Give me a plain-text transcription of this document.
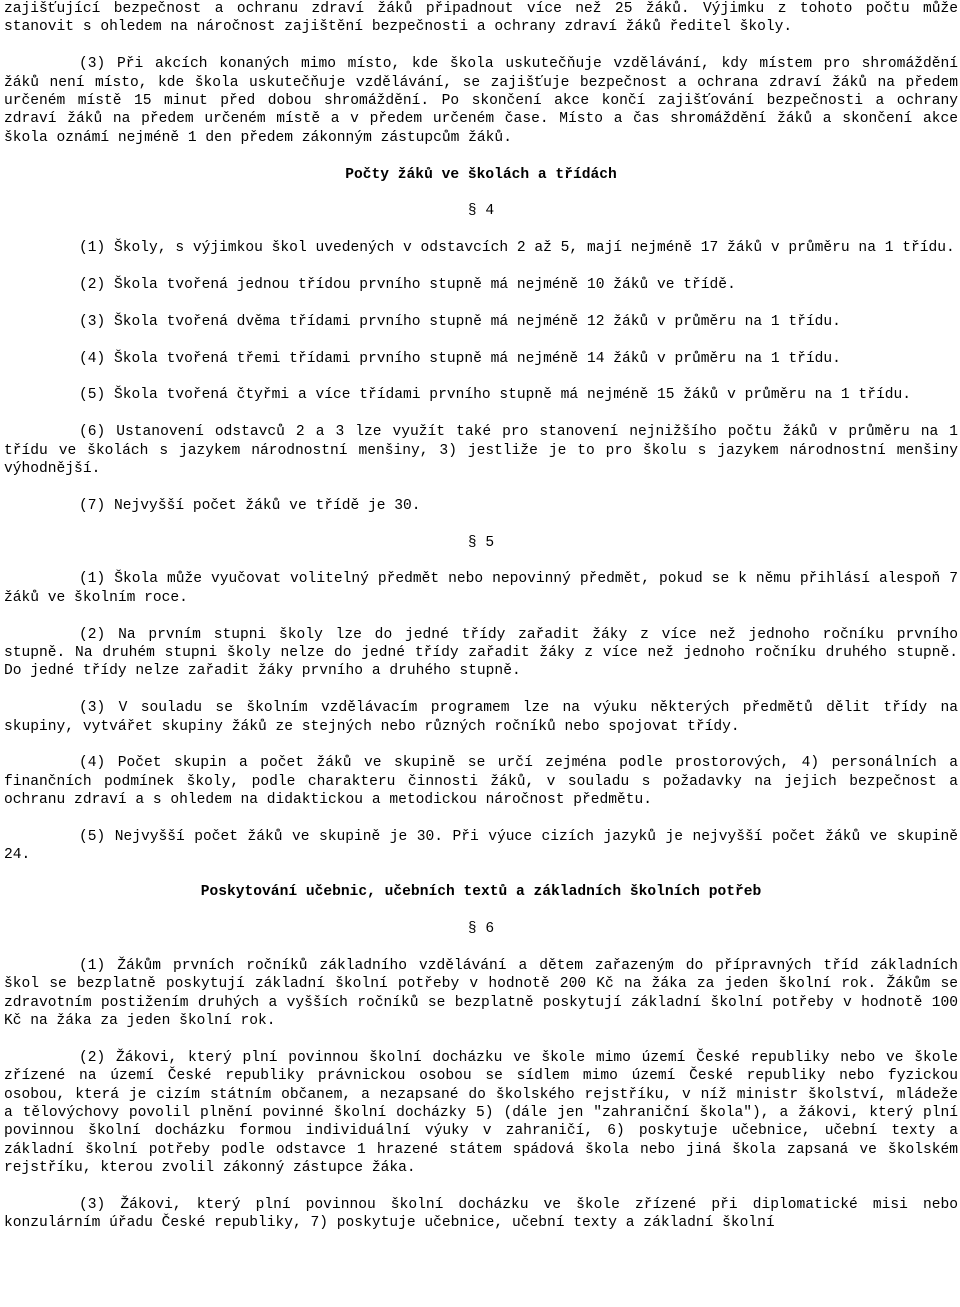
zajišťující bezpečnost a ochranu zdraví žáků připadnout více než 25 žáků. Výjimku z tohoto počtu může stanovit s ohledem na náročnost zajištění bezpečnosti a ochrany zdraví žáků ředitel školy.

(3) Při akcích konaných mimo místo, kde škola uskutečňuje vzdělávání, kdy místem pro shromáždění žáků není místo, kde škola uskutečňuje vzdělávání, se zajišťuje bezpečnost a ochrana zdraví žáků na předem určeném místě 15 minut před dobou shromáždění. Po skončení akce končí zajišťování bezpečnosti a ochrany zdraví žáků na předem určeném místě a v předem určeném čase. Místo a čas shromáždění žáků a skončení akce škola oznámí nejméně 1 den předem zákonným zástupcům žáků.

Počty žáků ve školách a třídách

§ 4

(1) Školy, s výjimkou škol uvedených v odstavcích 2 až 5, mají nejméně 17 žáků v průměru na 1 třídu.

(2) Škola tvořená jednou třídou prvního stupně má nejméně 10 žáků ve třídě.

(3) Škola tvořená dvěma třídami prvního stupně má nejméně 12 žáků v průměru na 1 třídu.

(4) Škola tvořená třemi třídami prvního stupně má nejméně 14 žáků v průměru na 1 třídu.

(5) Škola tvořená čtyřmi a více třídami prvního stupně má nejméně 15 žáků v průměru na 1 třídu.

(6) Ustanovení odstavců 2 a 3 lze využít také pro stanovení nejnižšího počtu žáků v průměru na 1 třídu ve školách s jazykem národnostní menšiny, 3) jestliže je to pro školu s jazykem národnostní menšiny výhodnější.

(7) Nejvyšší počet žáků ve třídě je 30.

§ 5

(1) Škola může vyučovat volitelný předmět nebo nepovinný předmět, pokud se k němu přihlásí alespoň 7 žáků ve školním roce.

(2) Na prvním stupni školy lze do jedné třídy zařadit žáky z více než jednoho ročníku prvního stupně. Na druhém stupni školy nelze do jedné třídy zařadit žáky z více než jednoho ročníku druhého stupně. Do jedné třídy nelze zařadit žáky prvního a druhého stupně.

(3) V souladu se školním vzdělávacím programem lze na výuku některých předmětů dělit třídy na skupiny, vytvářet skupiny žáků ze stejných nebo různých ročníků nebo spojovat třídy.

(4) Počet skupin a počet žáků ve skupině se určí zejména podle prostorových, 4) personálních a finančních podmínek školy, podle charakteru činnosti žáků, v souladu s požadavky na jejich bezpečnost a ochranu zdraví a s ohledem na didaktickou a metodickou náročnost předmětu.

(5) Nejvyšší počet žáků ve skupině je 30. Při výuce cizích jazyků je nejvyšší počet žáků ve skupině 24.

Poskytování učebnic, učebních textů a základních školních potřeb

§ 6

(1) Žákům prvních ročníků základního vzdělávání a dětem zařazeným do přípravných tříd základních škol se bezplatně poskytují základní školní potřeby v hodnotě 200 Kč na žáka za jeden školní rok. Žákům se zdravotním postižením druhých a vyšších ročníků se bezplatně poskytují základní školní potřeby v hodnotě 100 Kč na žáka za jeden školní rok.

(2) Žákovi, který plní povinnou školní docházku ve škole mimo území České republiky nebo ve škole zřízené na území České republiky právnickou osobou se sídlem mimo území České republiky nebo fyzickou osobou, která je cizím státním občanem, a nezapsané do školského rejstříku, v níž ministr školství, mládeže a tělovýchovy povolil plnění povinné školní docházky 5) (dále jen "zahraniční škola"), a žákovi, který plní povinnou školní docházku formou individuální výuky v zahraničí, 6) poskytuje učebnice, učební texty a základní školní potřeby podle odstavce 1 hrazené státem spádová škola nebo jiná škola zapsaná ve školském rejstříku, kterou zvolil zákonný zástupce žáka.

(3) Žákovi, který plní povinnou školní docházku ve škole zřízené při diplomatické misi nebo konzulárním úřadu České republiky, 7) poskytuje učebnice, učební texty a základní školní
